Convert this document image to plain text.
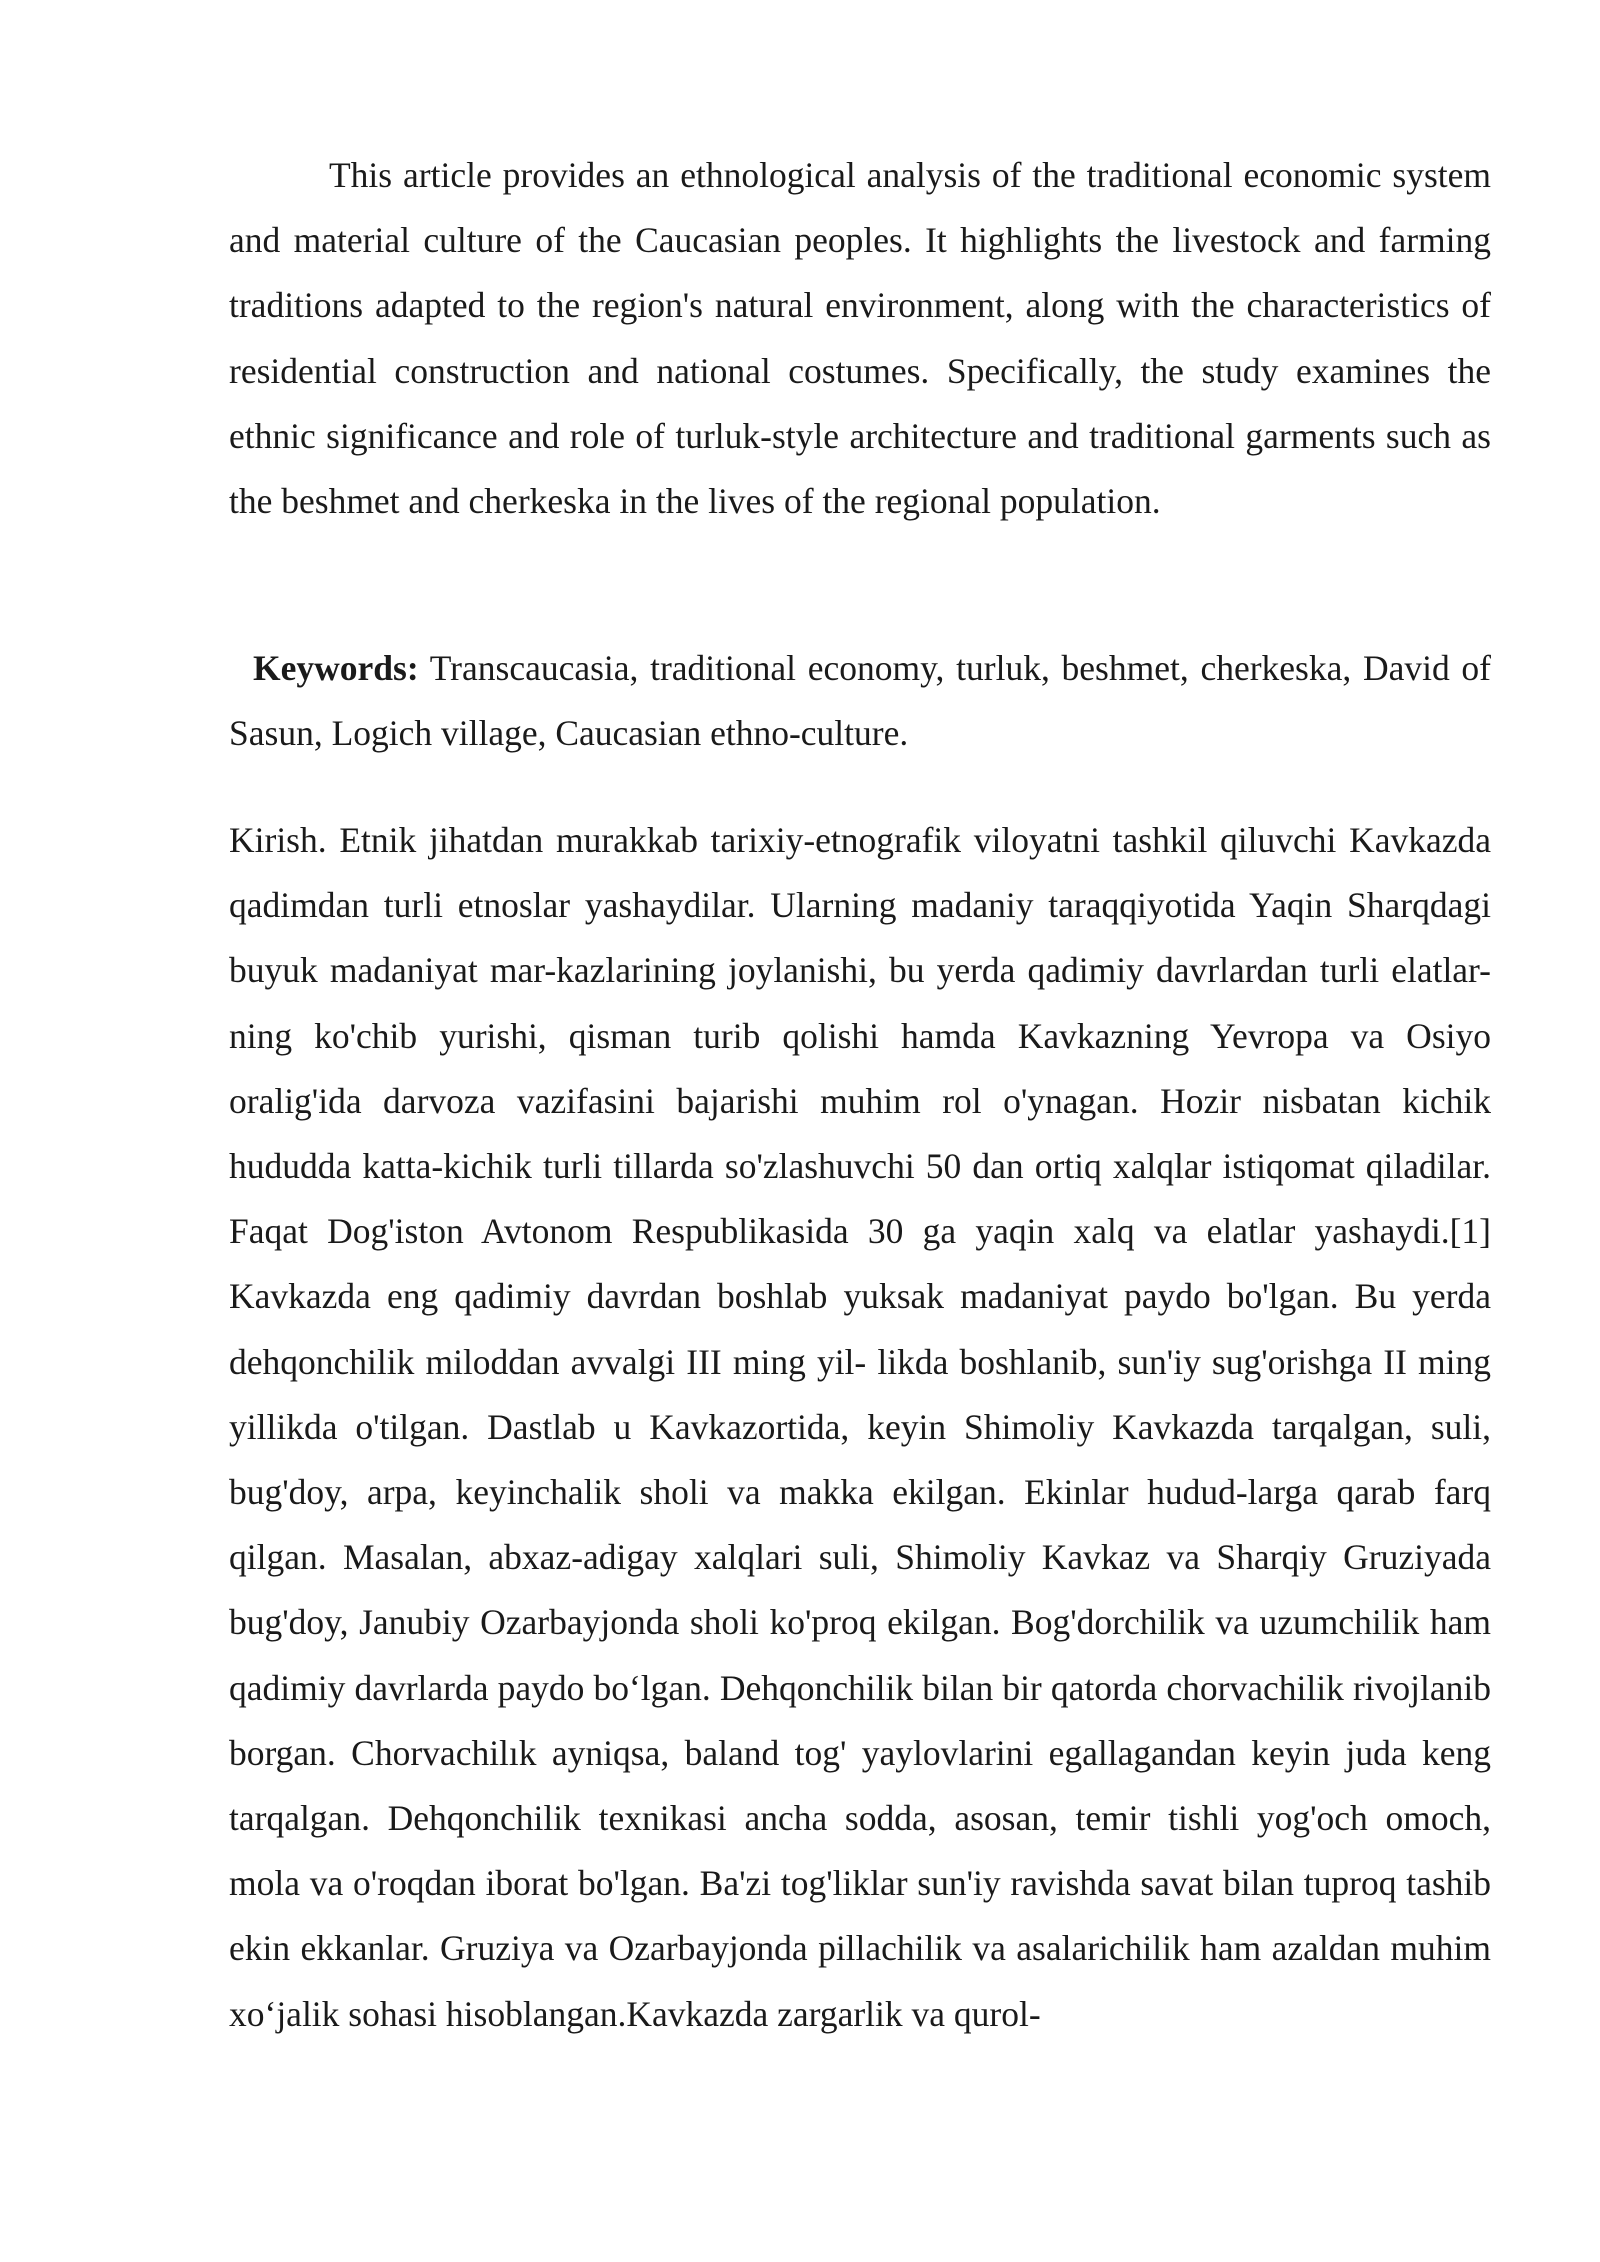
This article provides an ethnological analysis of the traditional economic system and material culture of the Caucasian peoples. It highlights the livestock and farming traditions adapted to the region's natural environment, along with the characteristics of residential construction and national costumes. Specifically, the study examines the ethnic significance and role of turluk-style architecture and traditional garments such as the beshmet and cherkeska in the lives of the regional population.

Keywords: Transcaucasia, traditional economy, turluk, beshmet, cherkeska, David of Sasun, Logich village, Caucasian ethno-culture.

Kirish. Etnik jihatdan murakkab tarixiy-etnografik viloyatni tashkil qiluvchi Kavkazda qadimdan turli etnoslar yashaydilar. Ularning madaniy taraqqiyotida Yaqin Sharqdagi buyuk madaniyat mar-kazlarining joylanishi, bu yerda qadimiy davrlardan turli elatlar-ning ko'chib yurishi, qisman turib qolishi hamda Kavkazning Yevropa va Osiyo oralig'ida darvoza vazifasini bajarishi muhim rol o'ynagan. Hozir nisbatan kichik hududda katta-kichik turli tillarda so'zlashuvchi 50 dan ortiq xalqlar istiqomat qiladilar. Faqat Dog'iston Avtonom Respublikasida 30 ga yaqin xalq va elatlar yashaydi.[1] Kavkazda eng qadimiy davrdan boshlab yuksak madaniyat paydo bo'lgan. Bu yerda dehqonchilik miloddan avvalgi III ming yil- likda boshlanib, sun'iy sug'orishga II ming yillikda o'tilgan. Dastlab u Kavkazortida, keyin Shimoliy Kavkazda tarqalgan, suli, bug'doy, arpa, keyinchalik sholi va makka ekilgan. Ekinlar hudud-larga qarab farq qilgan. Masalan, abxaz-adigay xalqlari suli, Shimoliy Kavkaz va Sharqiy Gruziyada bug'doy, Janubiy Ozarbayjonda sholi ko'proq ekilgan. Bog'dorchilik va uzumchilik ham qadimiy davrlarda paydo bo‘lgan. Dehqonchilik bilan bir qatorda chorvachilik rivojlanib borgan. Chorvachilık ayniqsa, baland tog' yaylovlarini egallagandan keyin juda keng tarqalgan. Dehqonchilik texnikasi ancha sodda, asosan, temir tishli yog'och omoch, mola va o'roqdan iborat bo'lgan. Ba'zi tog'liklar sun'iy ravishda savat bilan tuproq tashib ekin ekkanlar. Gruziya va Ozarbayjonda pillachilik va asalarichilik ham azaldan muhim xo‘jalik sohasi hisoblangan.Kavkazda zargarlik va qurol-
